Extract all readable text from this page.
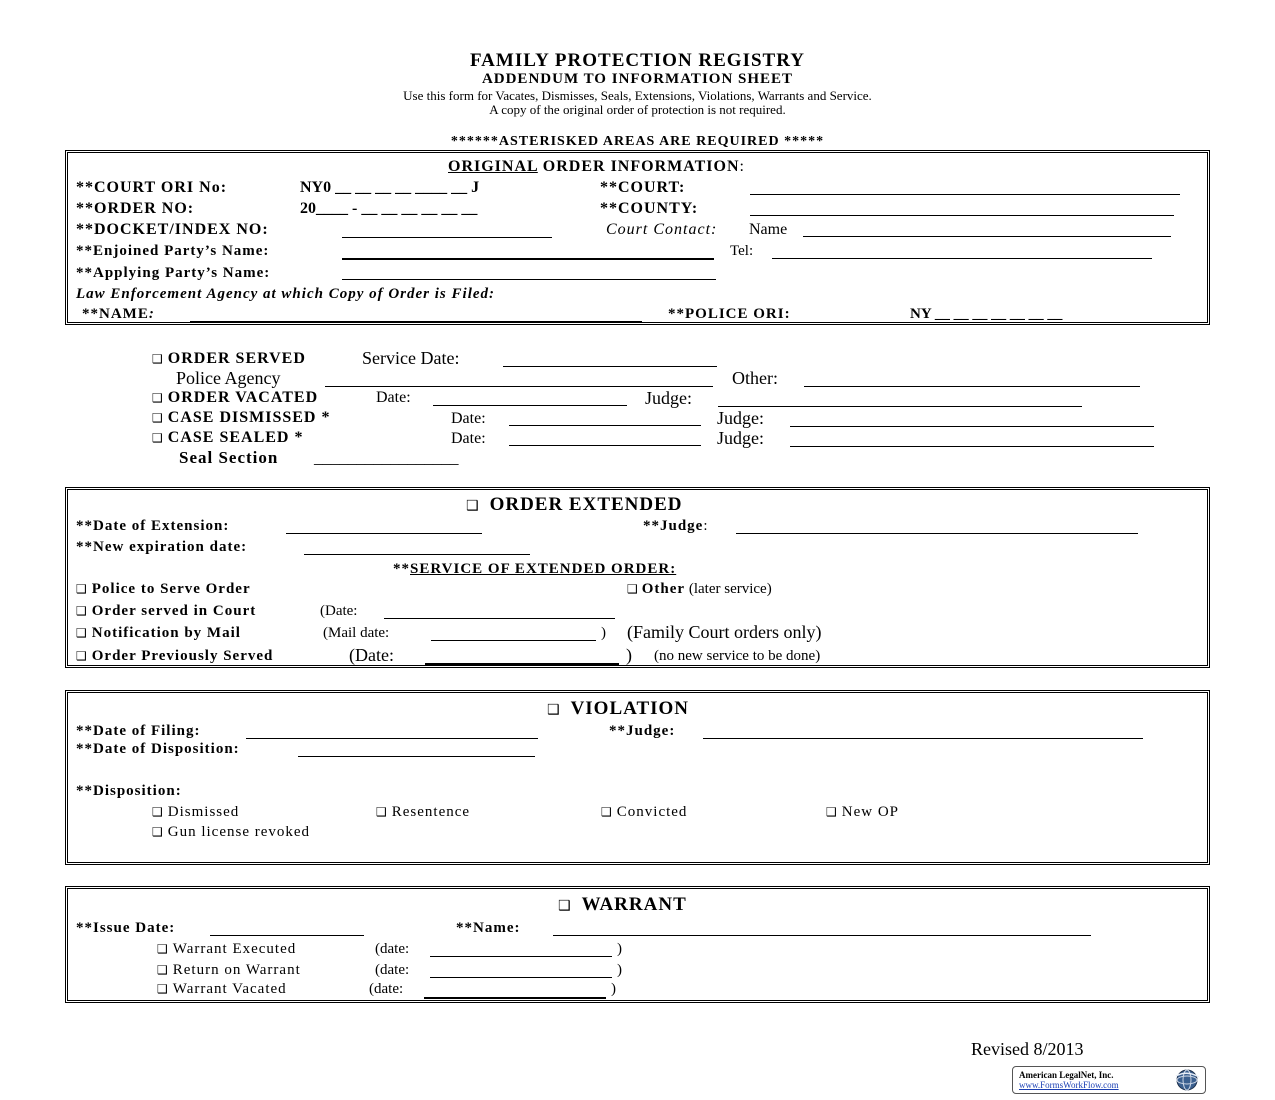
FAMILY PROTECTION REGISTRY
ADDENDUM TO INFORMATION SHEET
Use this form for Vacates, Dismisses, Seals, Extensions, Violations, Warrants and Service.
A copy of the original order of protection is not required.
******ASTERISKED AREAS ARE REQUIRED *****
ORIGINAL ORDER INFORMATION:
**COURT ORI No:	NY0 __ __ __ __ ____ __ J	**COURT:
**ORDER NO:	20____ - __ __ __ __ __ __	**COUNTY:
**DOCKET/INDEX NO:	Court Contact: Name
**Enjoined Party’s Name:	Tel:
**Applying Party’s Name:
Law Enforcement Agency at which Copy of Order is Filed:
**NAME:	**POLICE ORI:	NY __ __ __ __ __ __ __
❑ ORDER SERVED	Service Date:
Police Agency	Other:
❑ ORDER VACATED	Date:	Judge:
❑ CASE DISMISSED *	Date:	Judge:
❑ CASE SEALED *	Date:	Judge:
Seal Section _________________
❑ ORDER EXTENDED
**Date of Extension:	**Judge:
**New expiration date:
**SERVICE OF EXTENDED ORDER:
❑ Police to Serve Order	❑ Other (later service)
❑ Order served in Court	(Date:
❑ Notification by Mail	(Mail date:	) (Family Court orders only)
❑ Order Previously Served	(Date:	) (no new service to be done)
❑ VIOLATION
**Date of Filing:	**Judge:
**Date of Disposition:
**Disposition:
❑ Dismissed	❑ Resentence	❑ Convicted	❑ New OP
❑ Gun license revoked
❑ WARRANT
**Issue Date:	**Name:
❑ Warrant Executed	(date:	)
❑ Return on Warrant	(date:	)
❑ Warrant Vacated	(date:	)
Revised 8/2013
American LegalNet, Inc.
www.FormsWorkFlow.com
